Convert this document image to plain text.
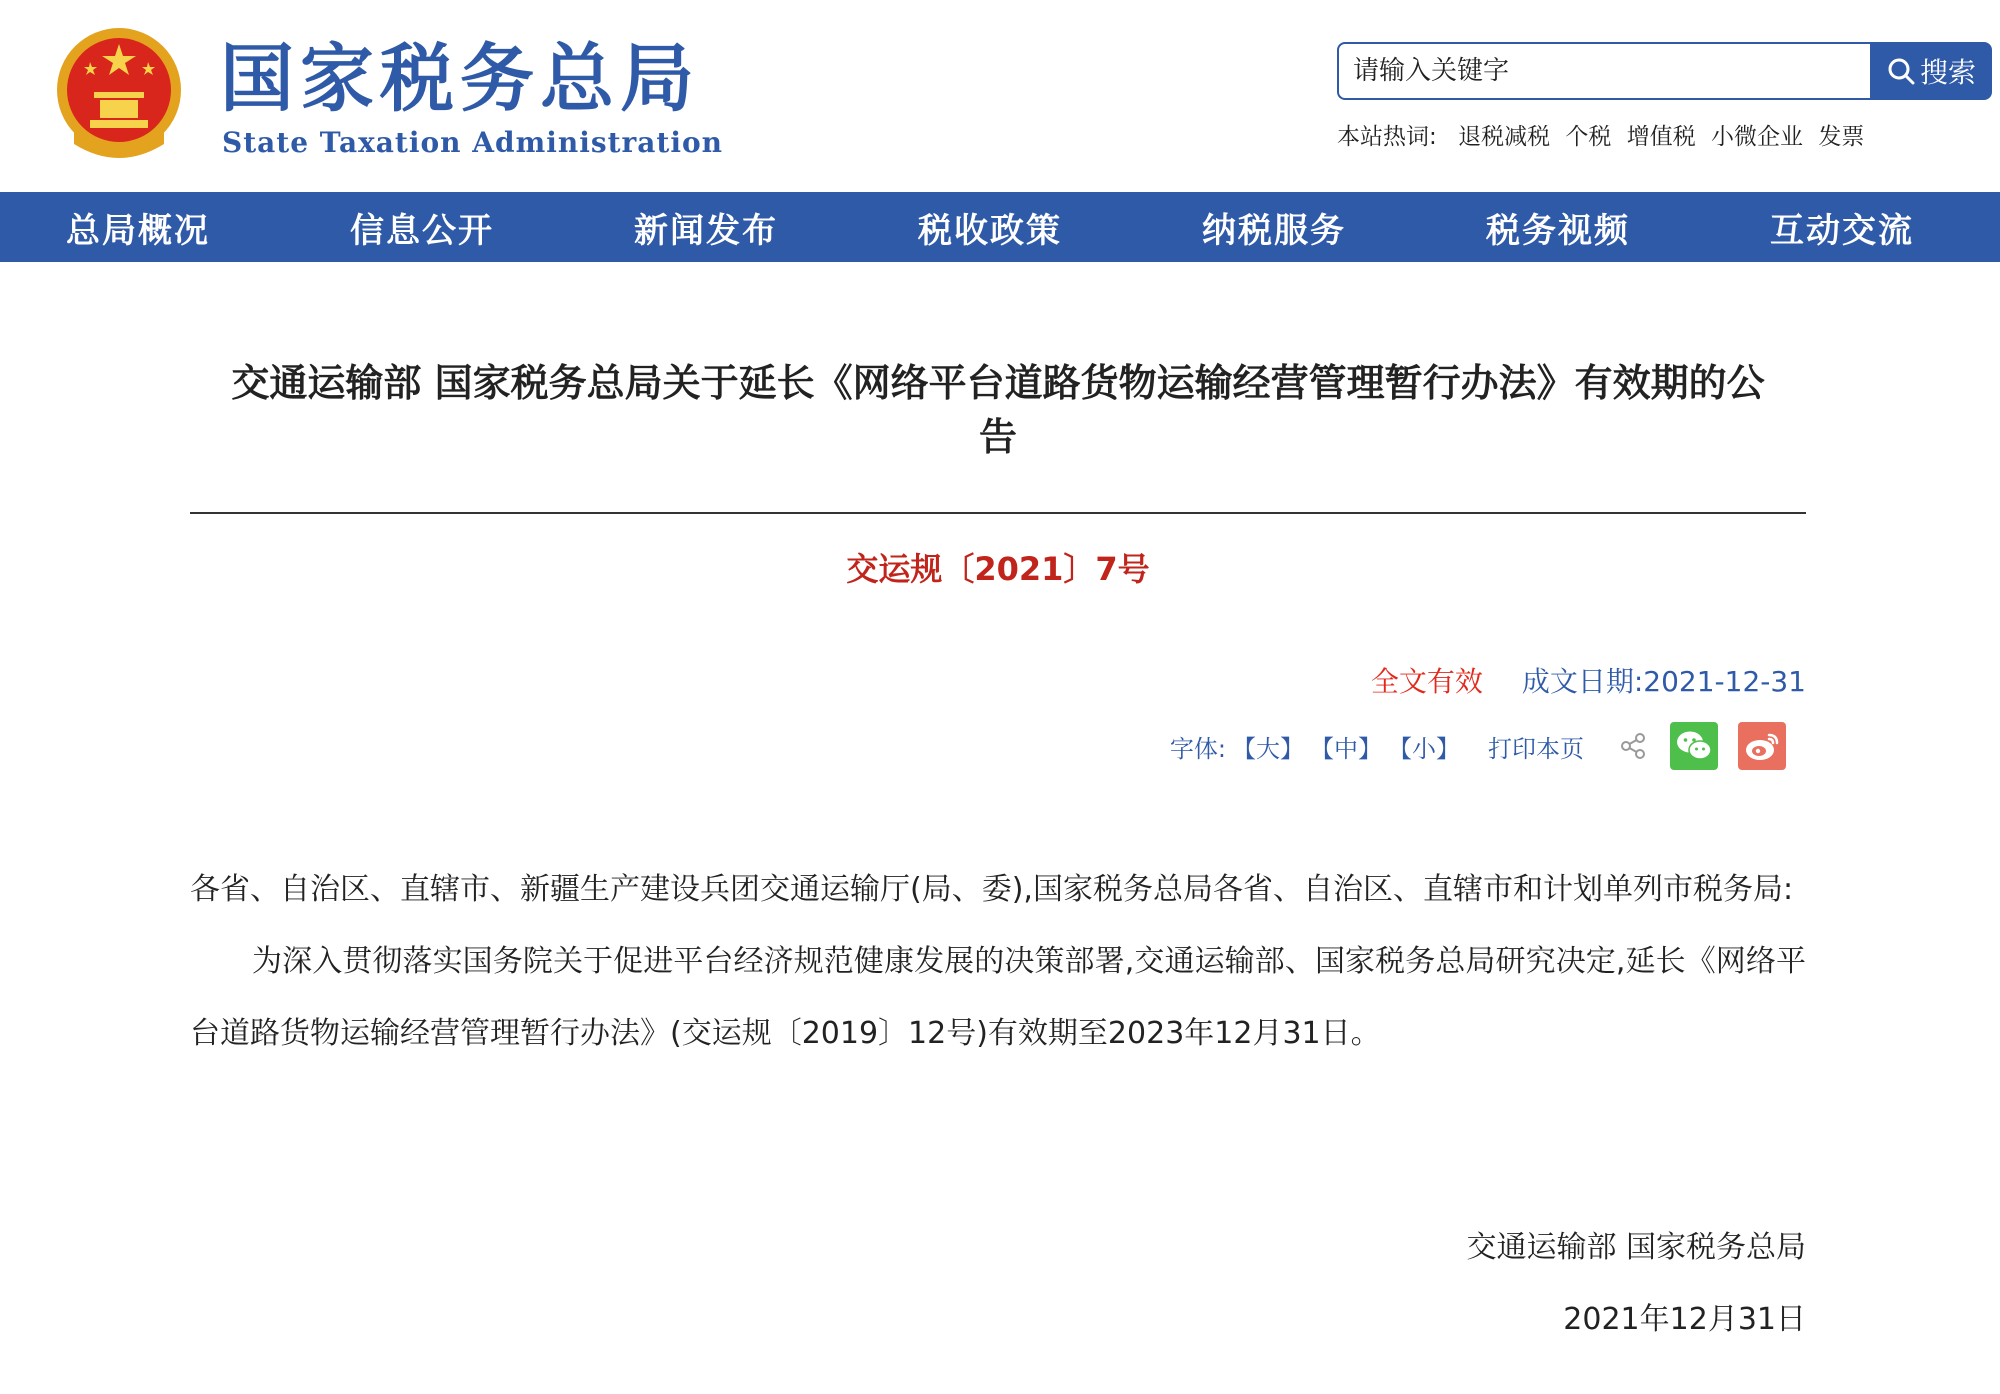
国家税务总局
State Taxation Administration
请输入关键字
搜索
本站热词: 退税减税 个税 增值税 小微企业 发票
总局概况	信息公开	新闻发布	税收政策	纳税服务	税务视频	互动交流
交通运输部 国家税务总局关于延长《网络平台道路货物运输经营管理暂行办法》有效期的公
告
交运规〔2021〕7号
全文有效 成文日期:2021-12-31
字体: 【大】 【中】 【小】 打印本页

各省、自治区、直辖市、新疆生产建设兵团交通运输厅(局、委),国家税务总局各省、自治区、直辖市和计划单列市税务局:

为深入贯彻落实国务院关于促进平台经济规范健康发展的决策部署,交通运输部、国家税务总局研究决定,延长《网络平台道路货物运输经营管理暂行办法》(交运规〔2019〕12号)有效期至2023年12月31日。

交通运输部 国家税务总局
2021年12月31日
